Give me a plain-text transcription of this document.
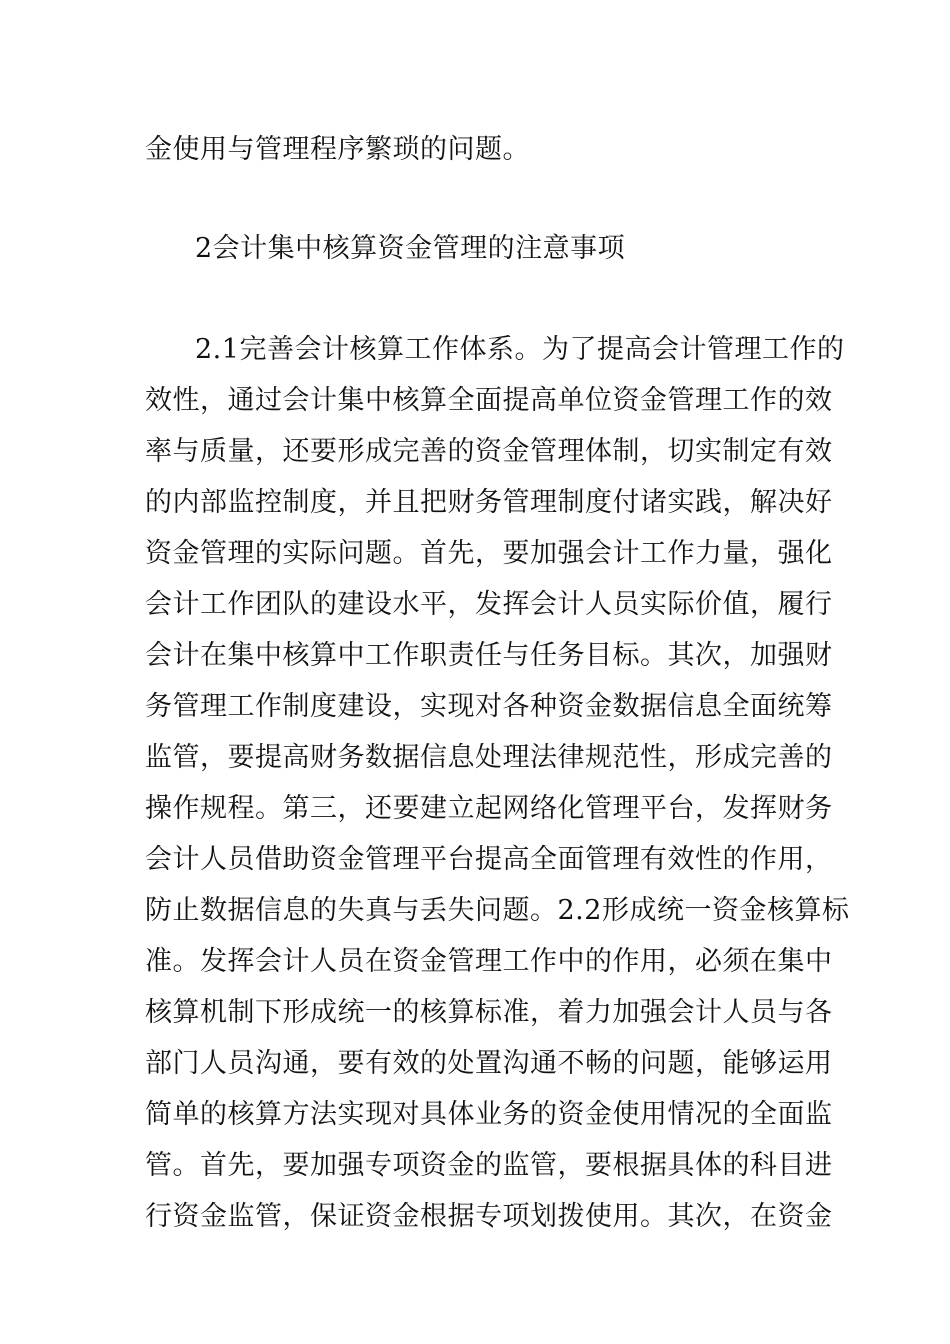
金使用与管理程序繁琐的问题。
2会计集中核算资金管理的注意事项
2.1完善会计核算工作体系。为了提高会计管理工作的
效性，通过会计集中核算全面提高单位资金管理工作的效
率与质量，还要形成完善的资金管理体制，切实制定有效
的内部监控制度，并且把财务管理制度付诸实践，解决好
资金管理的实际问题。首先，要加强会计工作力量，强化
会计工作团队的建设水平，发挥会计人员实际价值，履行
会计在集中核算中工作职责任与任务目标。其次，加强财
务管理工作制度建设，实现对各种资金数据信息全面统筹
监管，要提高财务数据信息处理法律规范性，形成完善的
操作规程。第三，还要建立起网络化管理平台，发挥财务
会计人员借助资金管理平台提高全面管理有效性的作用，
防止数据信息的失真与丢失问题。2.2形成统一资金核算标
准。发挥会计人员在资金管理工作中的作用，必须在集中
核算机制下形成统一的核算标准，着力加强会计人员与各
部门人员沟通，要有效的处置沟通不畅的问题，能够运用
简单的核算方法实现对具体业务的资金使用情况的全面监
管。首先，要加强专项资金的监管，要根据具体的科目进
行资金监管，保证资金根据专项划拨使用。其次，在资金
